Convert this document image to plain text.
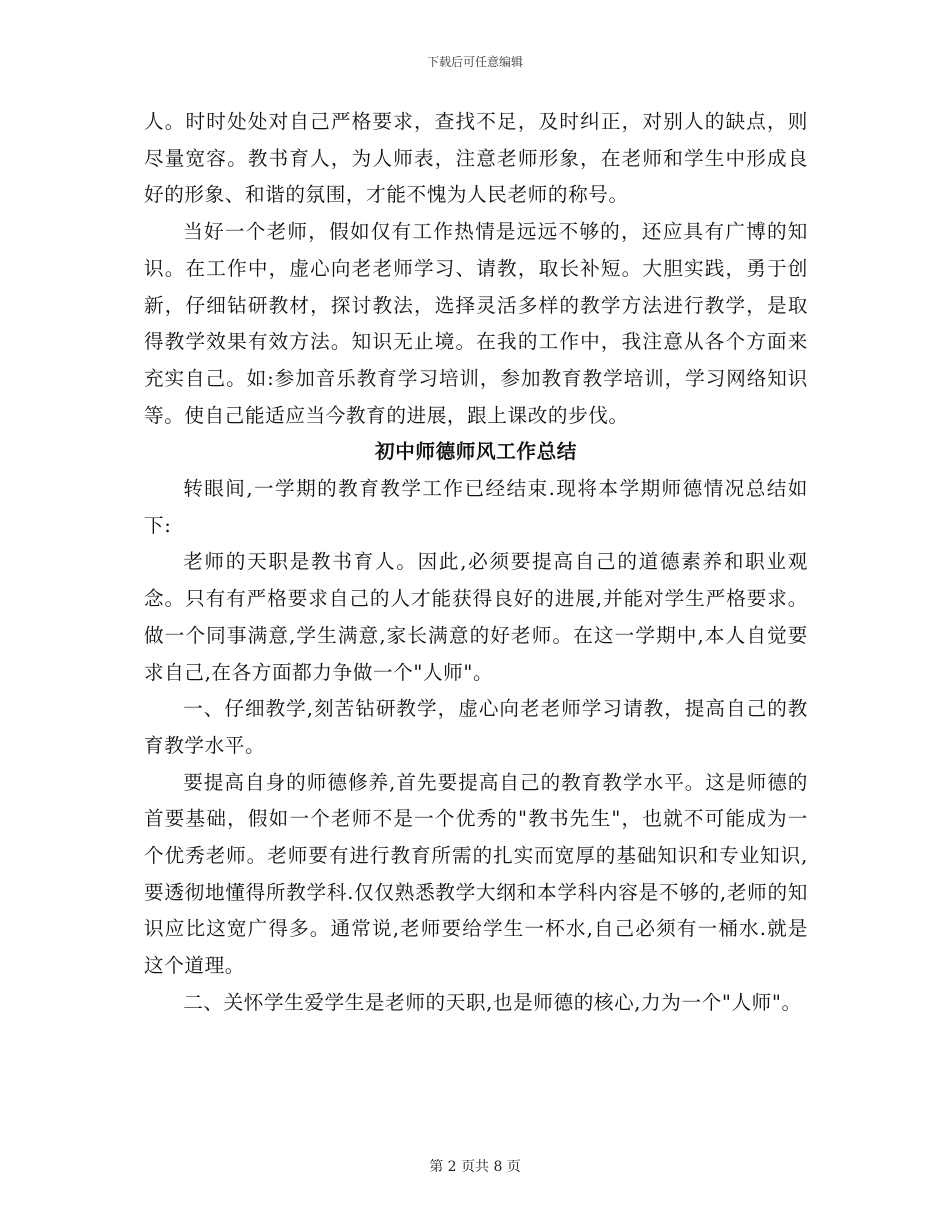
下载后可任意编辑

人。时时处处对自己严格要求，查找不足，及时纠正，对别人的缺点，则尽量宽容。教书育人，为人师表，注意老师形象，在老师和学生中形成良好的形象、和谐的氛围，才能不愧为人民老师的称号。

当好一个老师，假如仅有工作热情是远远不够的，还应具有广博的知识。在工作中，虚心向老老师学习、请教，取长补短。大胆实践，勇于创新，仔细钻研教材，探讨教法，选择灵活多样的教学方法进行教学，是取得教学效果有效方法。知识无止境。在我的工作中，我注意从各个方面来充实自己。如:参加音乐教育学习培训，参加教育教学培训，学习网络知识等。使自己能适应当今教育的进展，跟上课改的步伐。

初中师德师风工作总结

转眼间,一学期的教育教学工作已经结束.现将本学期师德情况总结如下:

老师的天职是教书育人。因此,必须要提高自己的道德素养和职业观念。只有有严格要求自己的人才能获得良好的进展,并能对学生严格要求。做一个同事满意,学生满意,家长满意的好老师。在这一学期中,本人自觉要求自己,在各方面都力争做一个"人师"。

一、仔细教学,刻苦钻研教学，虚心向老老师学习请教，提高自己的教育教学水平。

要提高自身的师德修养,首先要提高自己的教育教学水平。这是师德的首要基础，假如一个老师不是一个优秀的"教书先生"，也就不可能成为一个优秀老师。老师要有进行教育所需的扎实而宽厚的基础知识和专业知识,要透彻地懂得所教学科.仅仅熟悉教学大纲和本学科内容是不够的,老师的知识应比这宽广得多。通常说,老师要给学生一杯水,自己必须有一桶水.就是这个道理。

二、关怀学生爱学生是老师的天职,也是师德的核心,力为一个"人师"。

第 2 页共 8 页
